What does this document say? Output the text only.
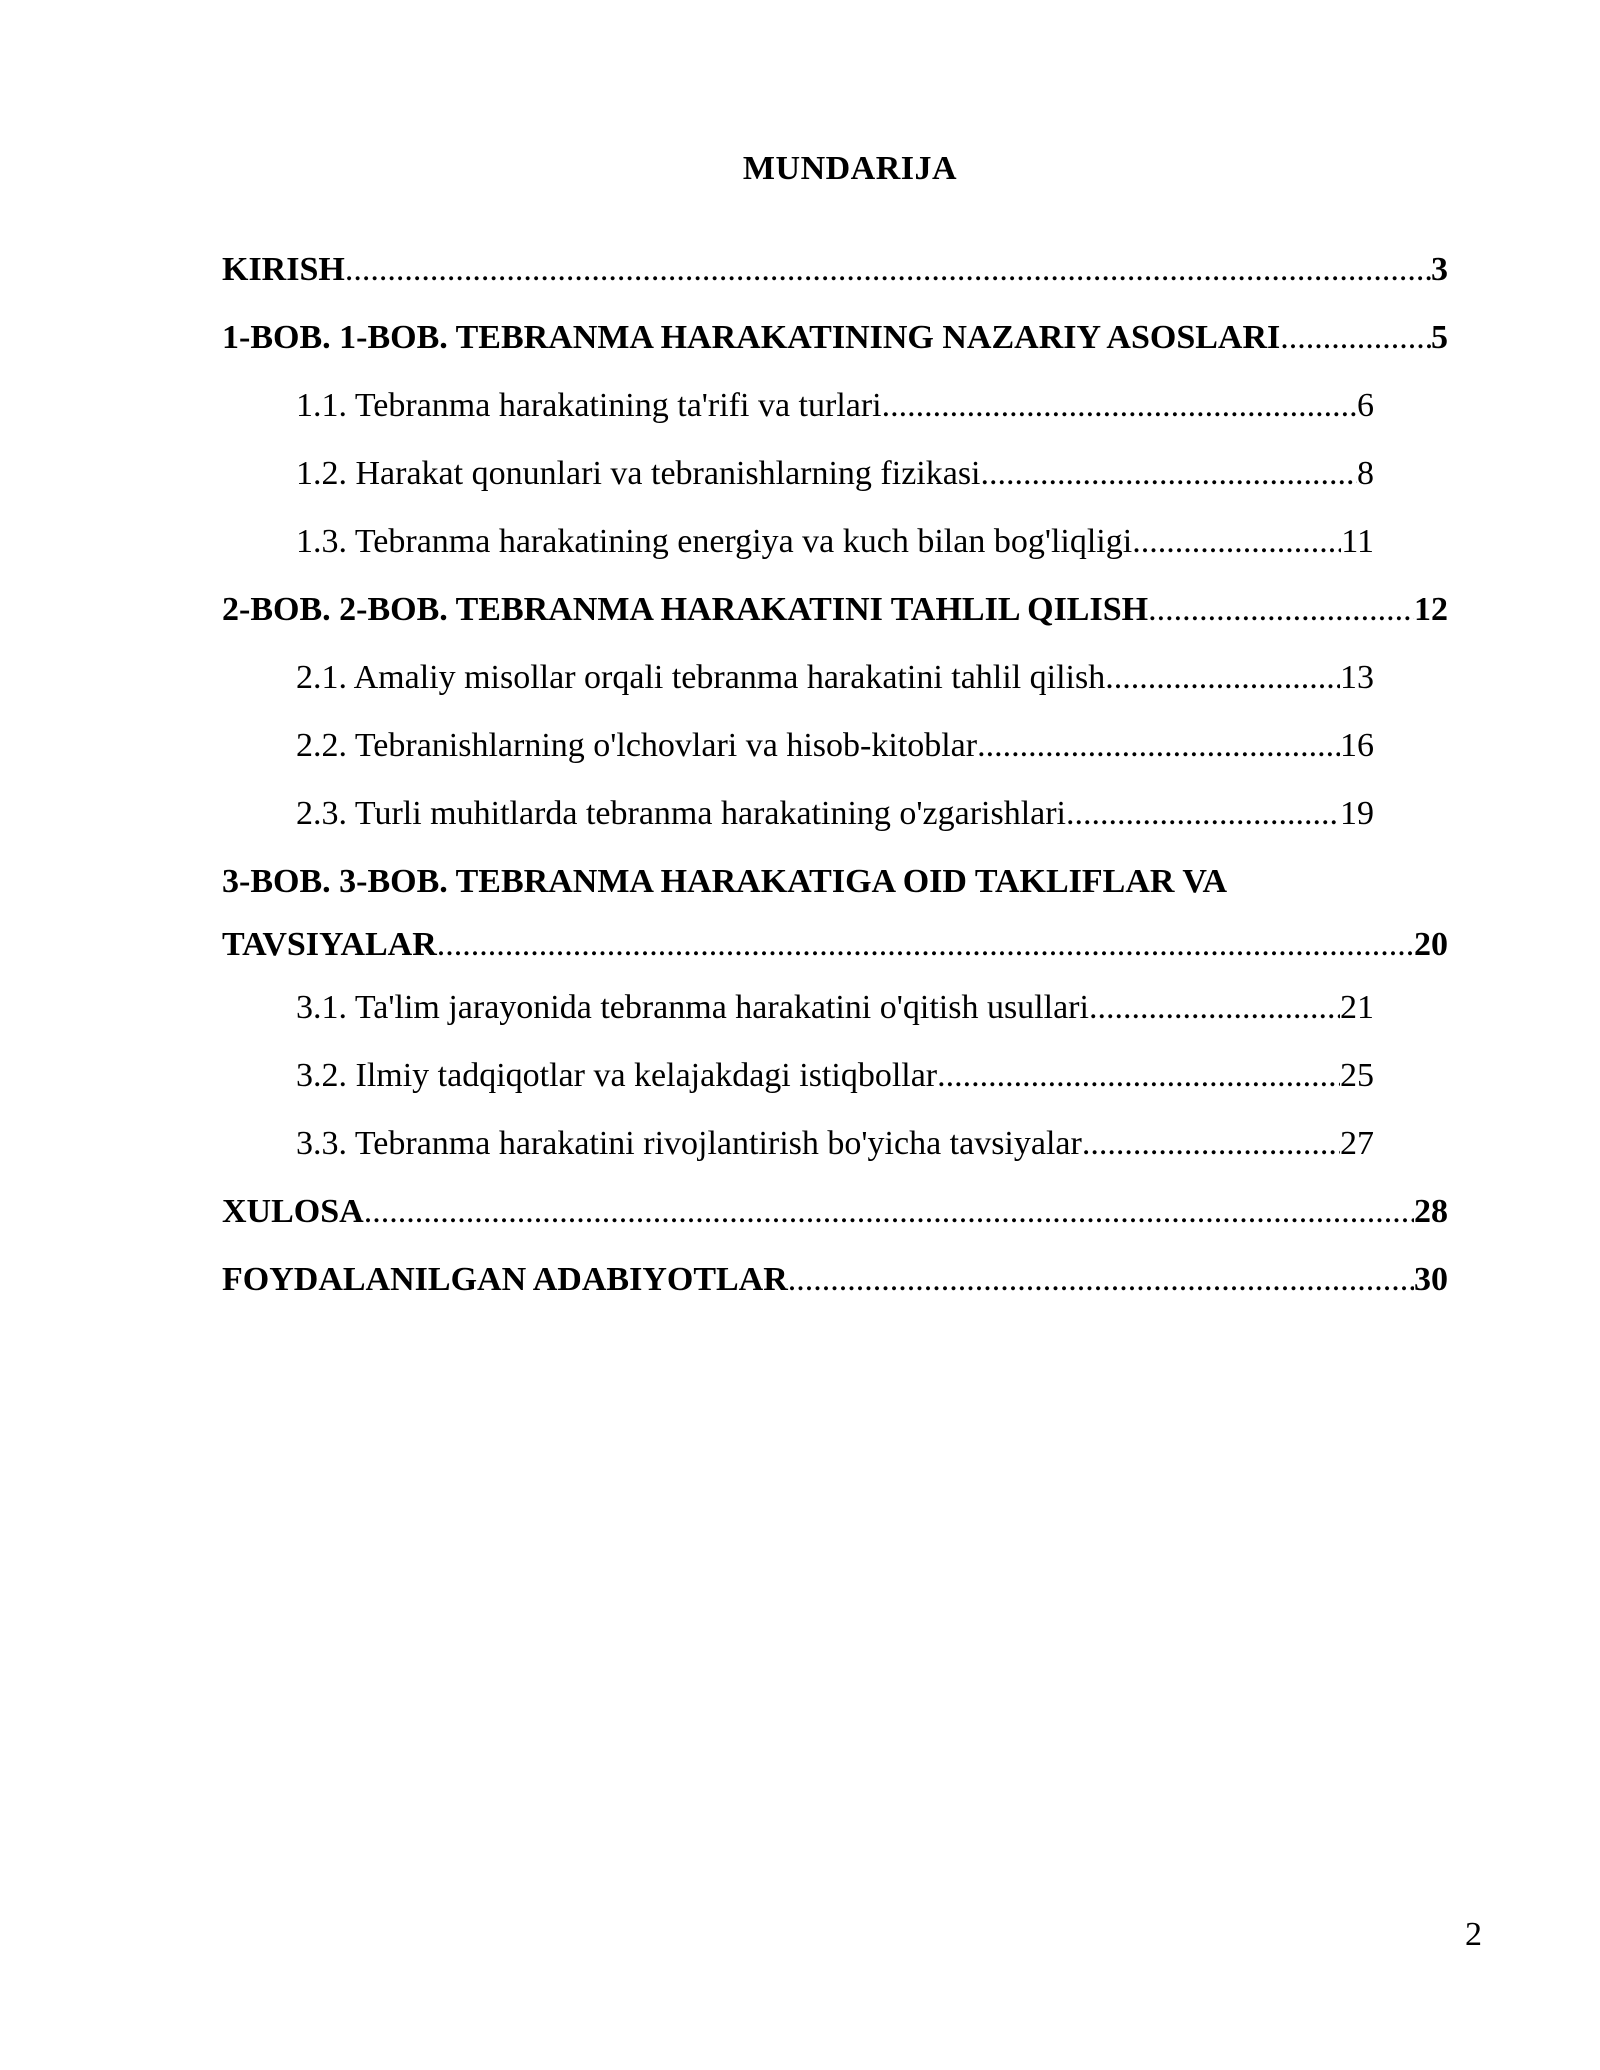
MUNDARIJA
KIRISH .....	3
1-BOB. 1-BOB. TEBRANMA HARAKATINING NAZARIY ASOSLARI .....	5
1.1. Tebranma harakatining ta'rifi va turlari .....	6
1.2. Harakat qonunlari va tebranishlarning fizikasi .....	8
1.3. Tebranma harakatining energiya va kuch bilan bog'liqligi .....	11
2-BOB. 2-BOB. TEBRANMA HARAKATINI TAHLIL QILISH .....	12
2.1. Amaliy misollar orqali tebranma harakatini tahlil qilish .....	13
2.2. Tebranishlarning o'lchovlari va hisob-kitoblar .....	16
2.3. Turli muhitlarda tebranma harakatining o'zgarishlari .....	19
3-BOB. 3-BOB. TEBRANMA HARAKATIGA OID TAKLIFLAR VA
TAVSIYALAR .....	20
3.1. Ta'lim jarayonida tebranma harakatini o'qitish usullari .....	21
3.2. Ilmiy tadqiqotlar va kelajakdagi istiqbollar .....	25
3.3. Tebranma harakatini rivojlantirish bo'yicha tavsiyalar .....	27
XULOSA .....	28
FOYDALANILGAN ADABIYOTLAR .....	30
2
